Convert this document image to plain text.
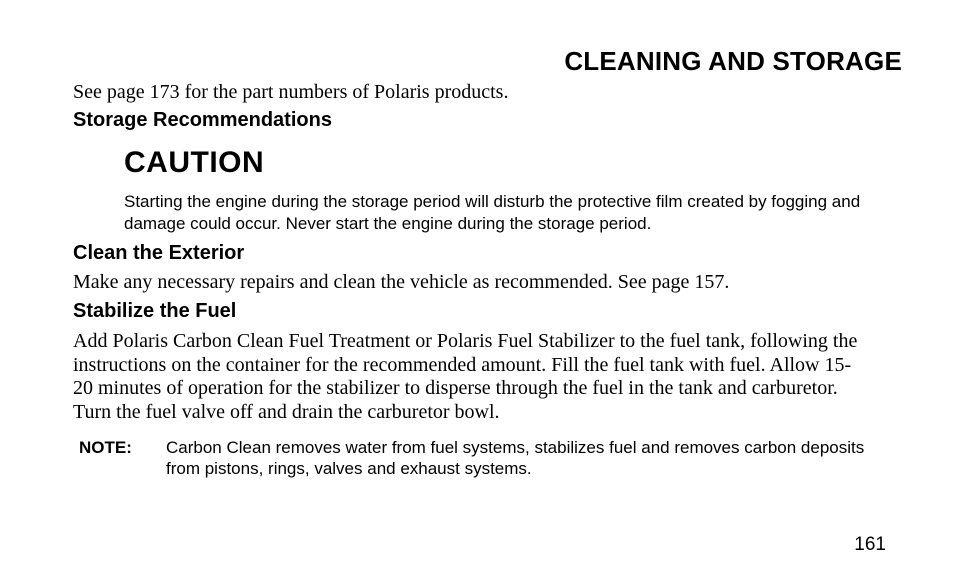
CLEANING AND STORAGE
See page 173 for the part numbers of Polaris products.
Storage Recommendations
CAUTION
Starting the engine during the storage period will disturb the protective film created by fogging and damage could occur. Never start the engine during the storage period.
Clean the Exterior
Make any necessary repairs and clean the vehicle as recommended. See page 157.
Stabilize the Fuel
Add Polaris Carbon Clean Fuel Treatment or Polaris Fuel Stabilizer to the fuel tank, following the instructions on the container for the recommended amount. Fill the fuel tank with fuel. Allow 15-20 minutes of operation for the stabilizer to disperse through the fuel in the tank and carburetor. Turn the fuel valve off and drain the carburetor bowl.
NOTE:	Carbon Clean removes water from fuel systems, stabilizes fuel and removes carbon deposits from pistons, rings, valves and exhaust systems.
161
